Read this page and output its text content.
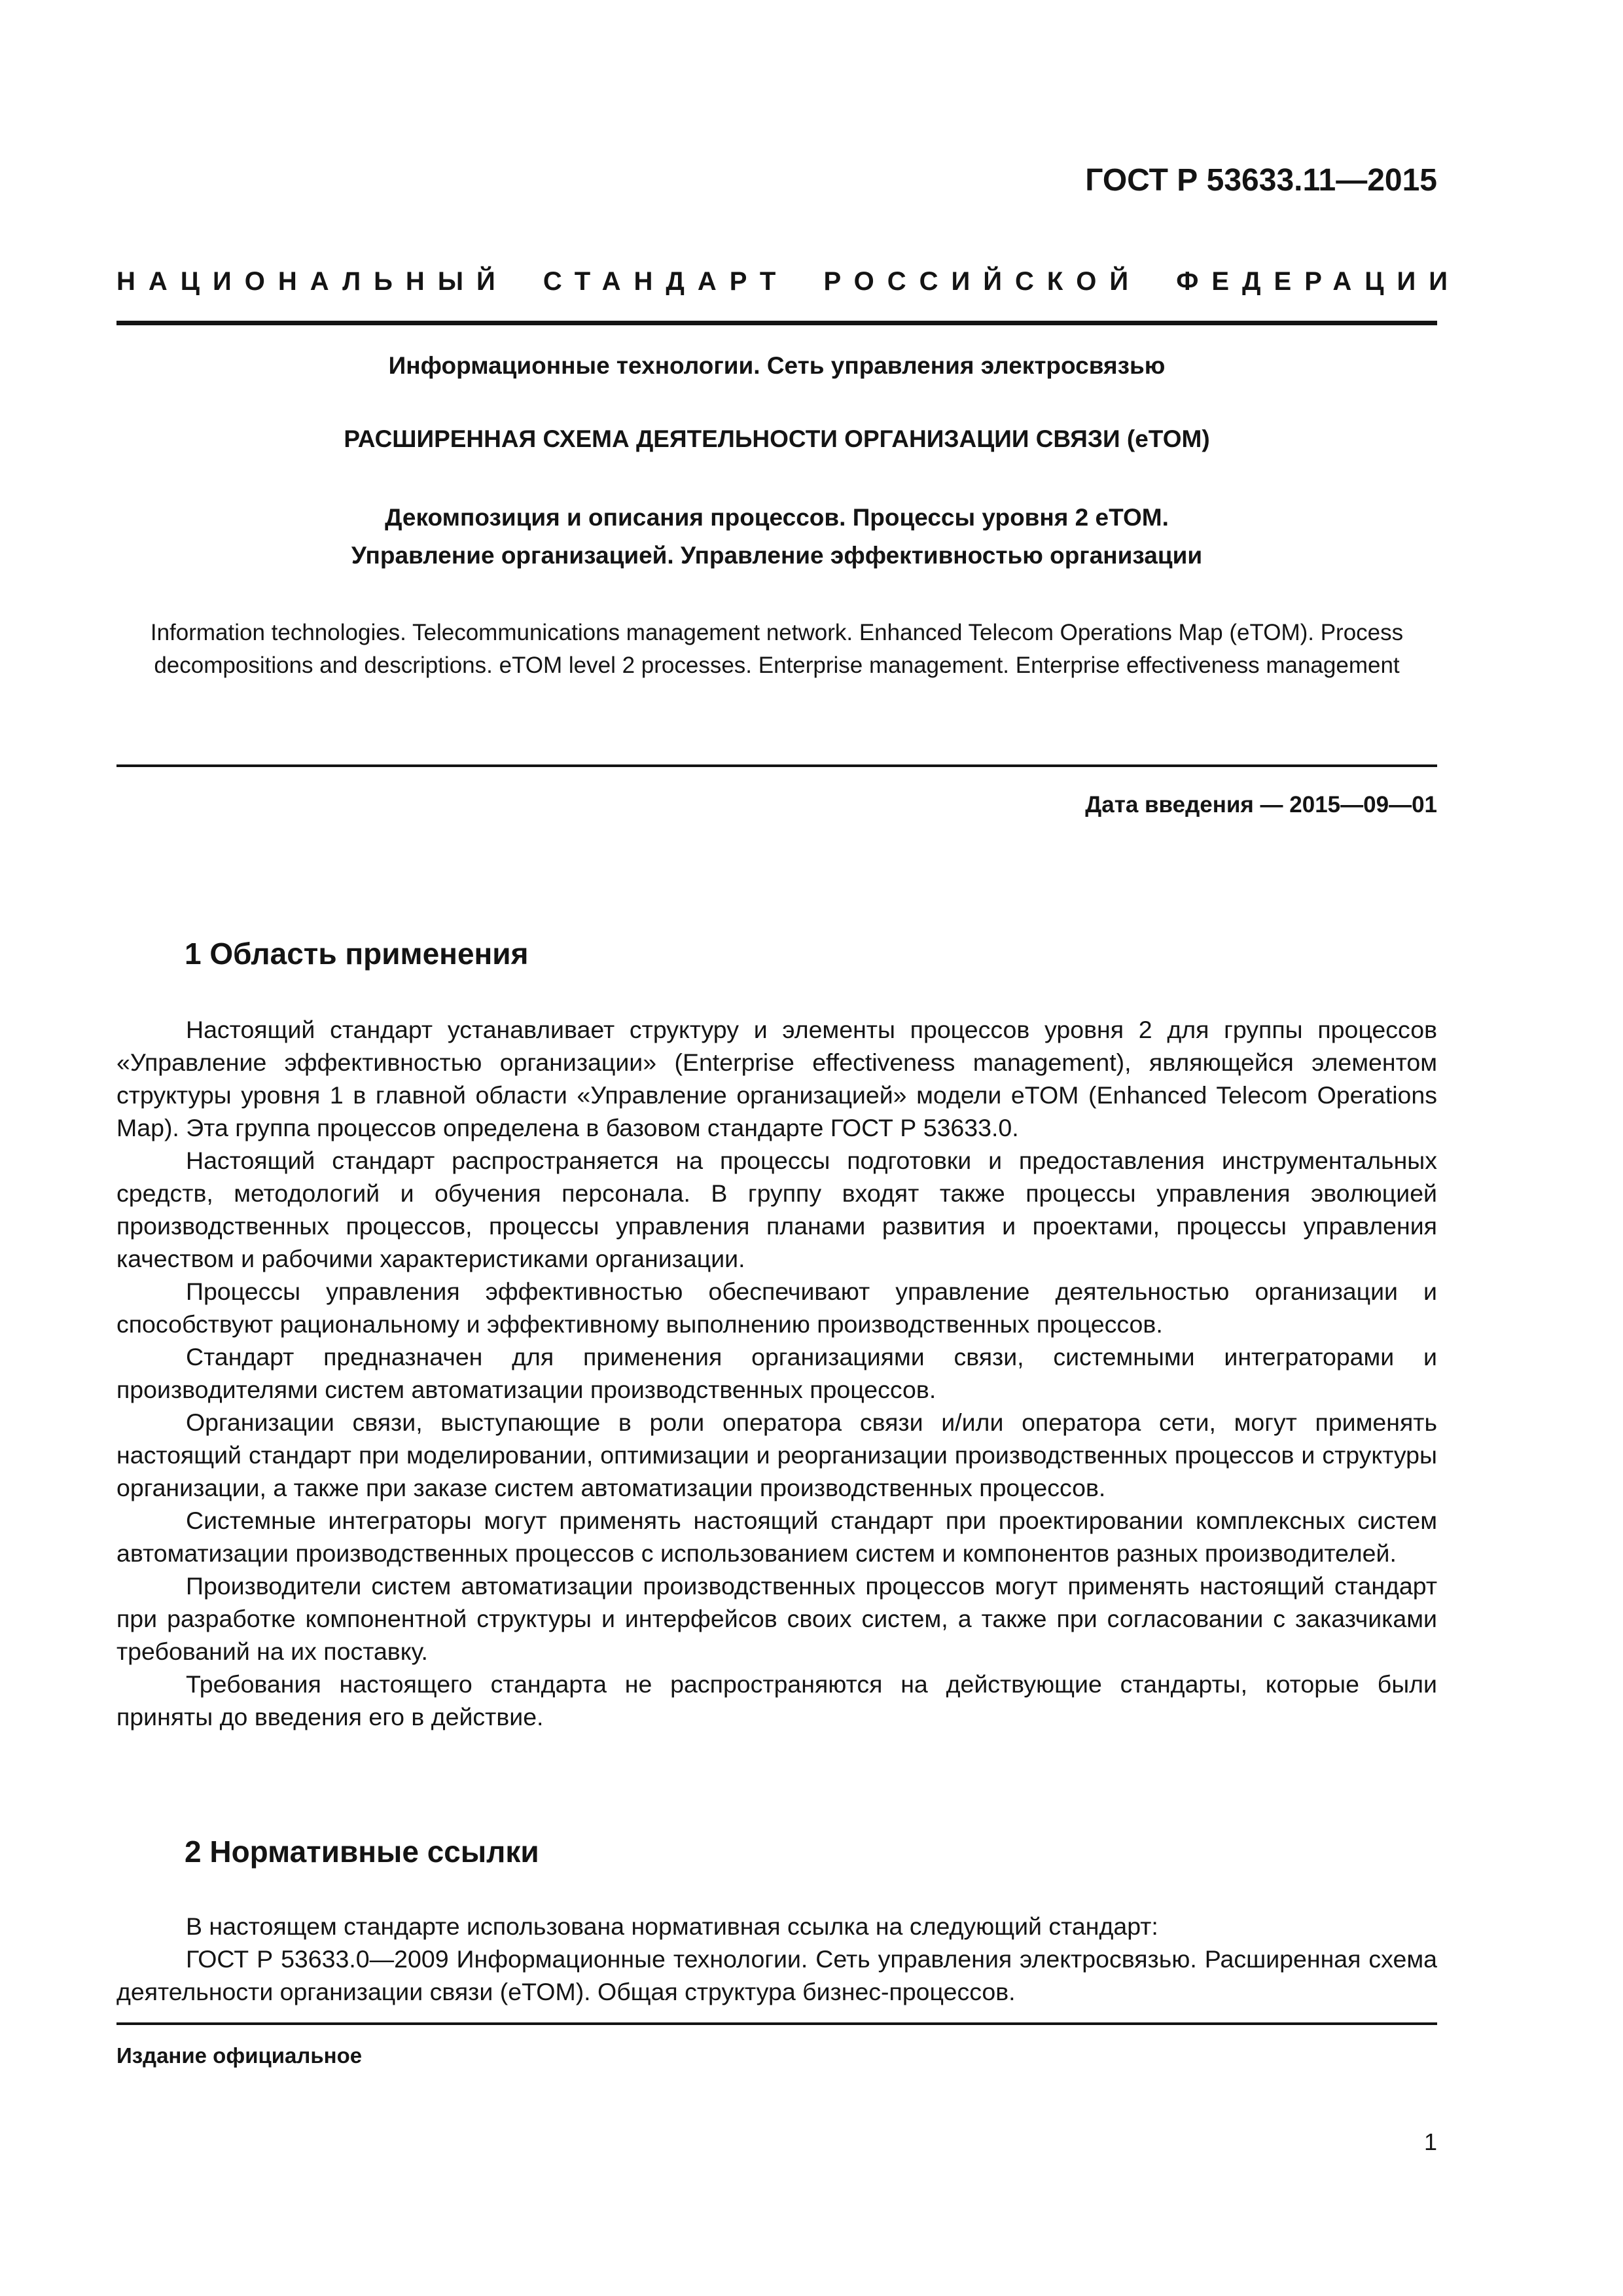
ГОСТ Р 53633.11—2015
НАЦИОНАЛЬНЫЙ СТАНДАРТ РОССИЙСКОЙ ФЕДЕРАЦИИ
Информационные технологии. Сеть управления электросвязью
РАСШИРЕННАЯ СХЕМА ДЕЯТЕЛЬНОСТИ ОРГАНИЗАЦИИ СВЯЗИ (eTOM)
Декомпозиция и описания процессов. Процессы уровня 2 eTOM.
Управление организацией. Управление эффективностью организации
Information technologies. Telecommunications management network. Enhanced Telecom Operations Map (eTOM). Process decompositions and descriptions. eTOM level 2 processes. Enterprise management. Enterprise effectiveness management
Дата введения — 2015—09—01
1 Область применения

Настоящий стандарт устанавливает структуру и элементы процессов уровня 2 для группы процессов «Управление эффективностью организации» (Enterprise effectiveness management), являющейся элементом структуры уровня 1 в главной области «Управление организацией» модели eTOM (Enhanced Telecom Operations Map). Эта группа процессов определена в базовом стандарте ГОСТ Р 53633.0.

Настоящий стандарт распространяется на процессы подготовки и предоставления инструментальных средств, методологий и обучения персонала. В группу входят также процессы управления эволюцией производственных процессов, процессы управления планами развития и проектами, процессы управления качеством и рабочими характеристиками организации.

Процессы управления эффективностью обеспечивают управление деятельностью организации и способствуют рациональному и эффективному выполнению производственных процессов.

Стандарт предназначен для применения организациями связи, системными интеграторами и производителями систем автоматизации производственных процессов.

Организации связи, выступающие в роли оператора связи и/или оператора сети, могут применять настоящий стандарт при моделировании, оптимизации и реорганизации производственных процессов и структуры организации, а также при заказе систем автоматизации производственных процессов.

Системные интеграторы могут применять настоящий стандарт при проектировании комплексных систем автоматизации производственных процессов с использованием систем и компонентов разных производителей.

Производители систем автоматизации производственных процессов могут применять настоящий стандарт при разработке компонентной структуры и интерфейсов своих систем, а также при согласовании с заказчиками требований на их поставку.

Требования настоящего стандарта не распространяются на действующие стандарты, которые были приняты до введения его в действие.

2 Нормативные ссылки

В настоящем стандарте использована нормативная ссылка на следующий стандарт:

ГОСТ Р 53633.0—2009 Информационные технологии. Сеть управления электросвязью. Расширенная схема деятельности организации связи (eTOM). Общая структура бизнес-процессов.

Издание официальное
1
